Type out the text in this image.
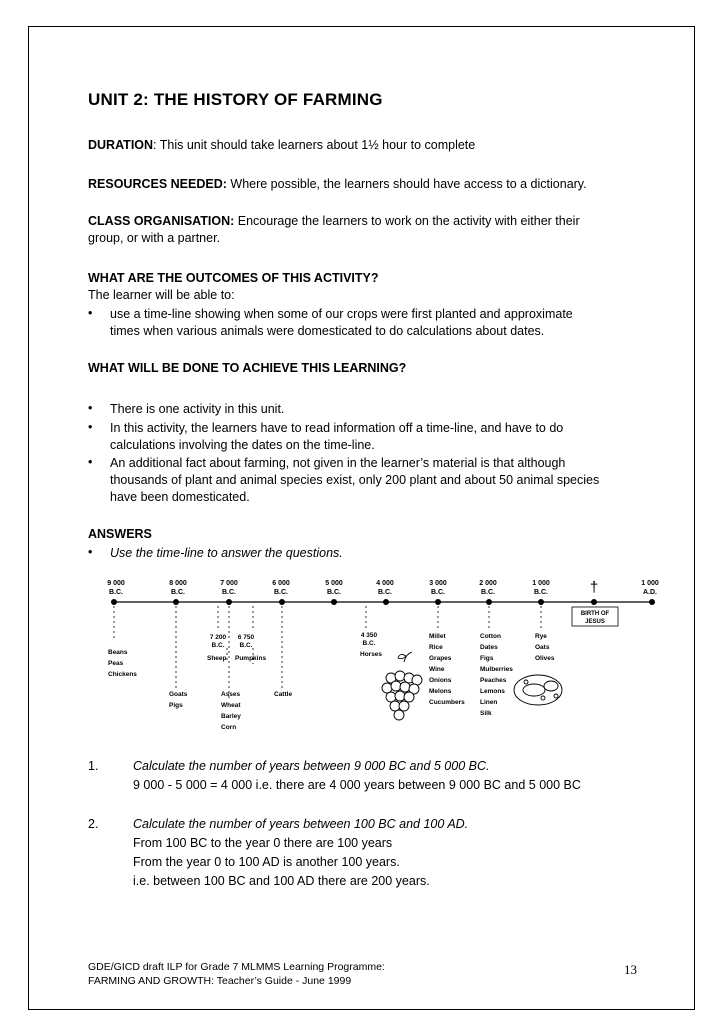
UNIT 2: THE HISTORY OF FARMING
DURATION: This unit should take learners about 1½ hour to complete
RESOURCES NEEDED: Where possible, the learners should have access to a dictionary.
CLASS ORGANISATION: Encourage the learners to work on the activity with either their
group, or with a partner.
WHAT ARE THE OUTCOMES OF THIS ACTIVITY?
The learner will be able to:
• use a time-line showing when some of our crops were first planted and approximate
times when various animals were domesticated to do calculations about dates.
WHAT WILL BE DONE TO ACHIEVE THIS LEARNING?
• There is one activity in this unit.
• In this activity, the learners have to read information off a time-line, and have to do
calculations involving the dates on the time-line.
• An additional fact about farming, not given in the learner’s material is that although
thousands of plant and animal species exist, only 200 plant and about 50 animal species
have been domesticated.
ANSWERS
• Use the time-line to answer the questions.
9 000
B.C.
8 000
B.C.
7 000
B.C.
6 000
B.C.
5 000
B.C.
4 000
B.C.
3 000
B.C.
2 000
B.C.
1 000
B.C.
1 000
A.D.
†
BIRTH OF
JESUS
7 200
B.C.
6 750
B.C.
4 350
B.C.
Beans
Peas
Chickens
Goats
Pigs
Sheep Pumpkins
Asses
Wheat
Barley
Corn
Cattle
Horses
Millet
Rice
Grapes
Wine
Onions
Melons
Cucumbers
Cotton
Dates
Figs
Mulberries
Peaches
Lemons
Linen
Silk
Rye
Oats
Olives
1.	Calculate the number of years between 9 000 BC and 5 000 BC.
9 000 - 5 000 = 4 000 i.e. there are 4 000 years between 9 000 BC and 5 000 BC
2.	Calculate the number of years between 100 BC and 100 AD.
From 100 BC to the year 0 there are 100 years
From the year 0 to 100 AD is another 100 years.
i.e. between 100 BC and 100 AD there are 200 years.
GDE/GICD draft ILP for Grade 7 MLMMS Learning Programme:
FARMING AND GROWTH: Teacher’s Guide - June 1999
13
